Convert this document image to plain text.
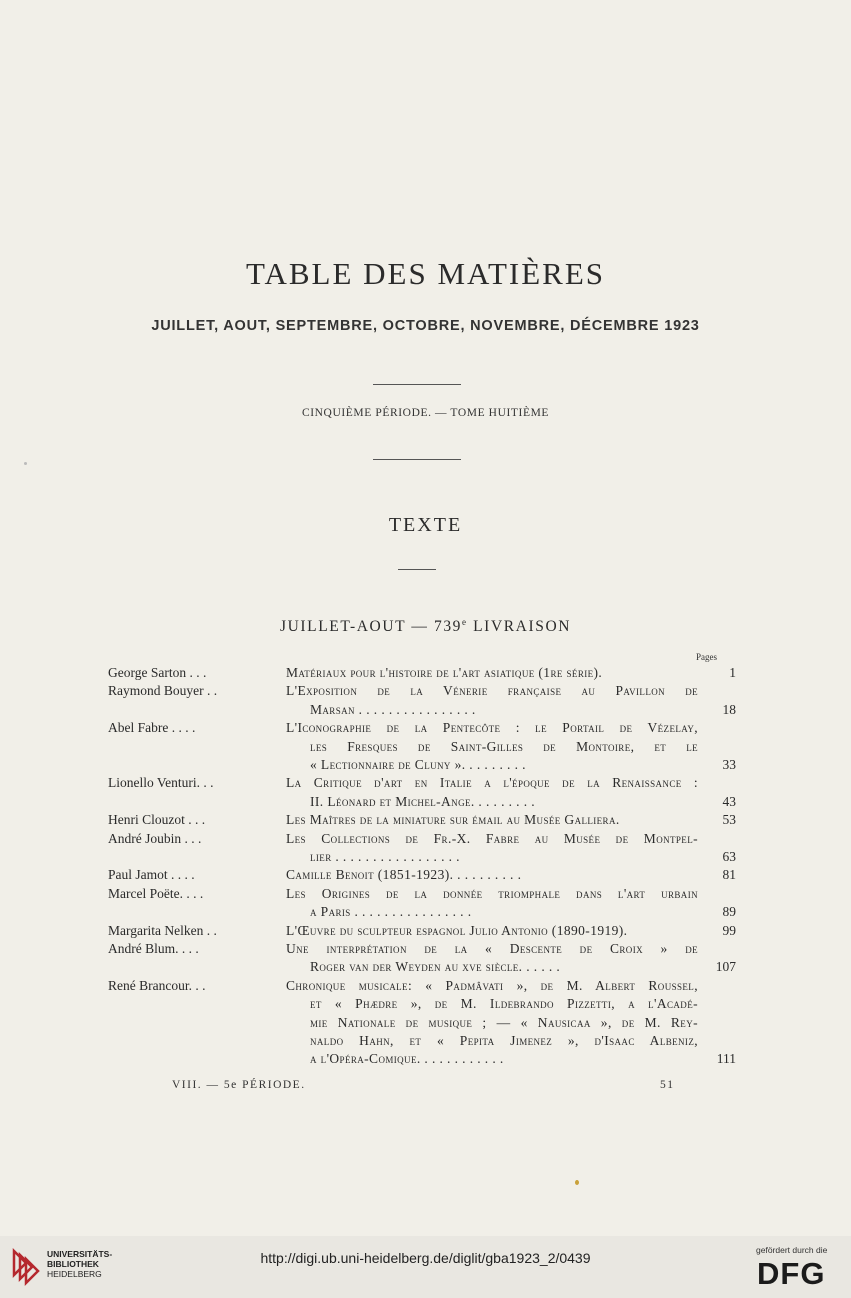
TABLE DES MATIÈRES
JUILLET, AOUT, SEPTEMBRE, OCTOBRE, NOVEMBRE, DÉCEMBRE 1923
CINQUIÈME PÉRIODE. — TOME HUITIÈME
TEXTE
JUILLET-AOUT — 739e LIVRAISON
Pages
George Sarton . . .	Matériaux pour l'histoire de l'art asiatique (1re série).	1
Raymond Bouyer . .	L'Exposition de la Vénerie française au Pavillon de
Marsan . . . . . . . . . . . . . . . .	18
Abel Fabre . . . .	L'Iconographie de la Pentecôte : le Portail de Vézelay,
les Fresques de Saint-Gilles de Montoire, et le
« Lectionnaire de Cluny ». . . . . . . . .	33
Lionello Venturi. . .	La Critique d'art en Italie a l'époque de la Renaissance :
II. Léonard et Michel-Ange. . . . . . . . .	43
Henri Clouzot . . .	Les Maîtres de la miniature sur émail au Musée Galliera.	53
André Joubin . . .	Les Collections de Fr.-X. Fabre au Musée de Montpel-
lier . . . . . . . . . . . . . . . . .	63
Paul Jamot . . . .	Camille Benoit (1851-1923). . . . . . . . . .	81
Marcel Poëte. . . .	Les Origines de la donnée triomphale dans l'art urbain
a Paris . . . . . . . . . . . . . . . .	89
Margarita Nelken . .	L'Œuvre du sculpteur espagnol Julio Antonio (1890-1919).	99
André Blum. . . .	Une interprétation de la « Descente de Croix » de
Roger van der Weyden au xve siècle. . . . . .	107
René Brancour. . .	Chronique musicale: « Padmâvati », de M. Albert Roussel,
et « Phædre », de M. Ildebrando Pizzetti, a l'Acadé-
mie Nationale de musique ; — « Nausicaa », de M. Rey-
naldo Hahn, et « Pepita Jimenez », d'Isaac Albeniz,
a l'Opéra-Comique. . . . . . . . . . . .	111
VIII. — 5e PÉRIODE.	51
UNIVERSITÄTS-
BIBLIOTHEK
HEIDELBERG
http://digi.ub.uni-heidelberg.de/diglit/gba1923_2/0439	gefördert durch die
DFG
